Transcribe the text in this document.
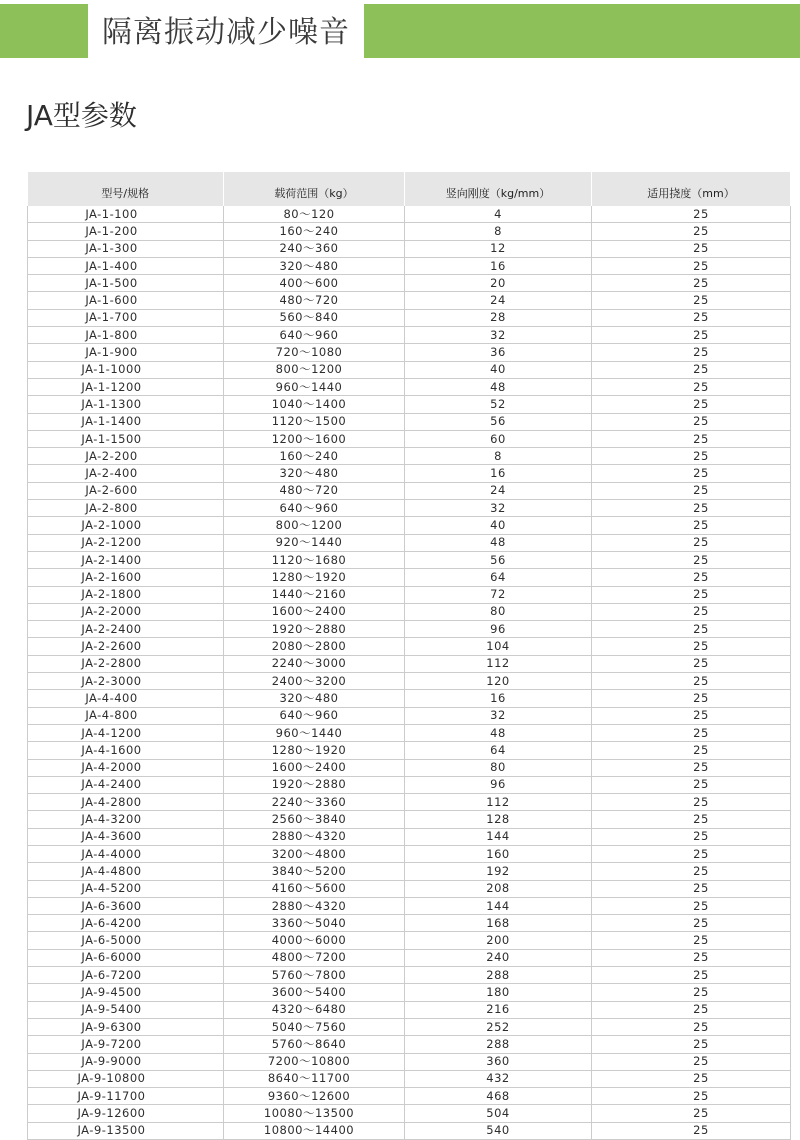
隔离振动减少噪音
JA型参数
型号/规格	载荷范围（kg）	竖向刚度（kg/mm）	适用挠度（mm）
JA-1-100	80～120	4	25
JA-1-200	160～240	8	25
JA-1-300	240～360	12	25
JA-1-400	320～480	16	25
JA-1-500	400～600	20	25
JA-1-600	480～720	24	25
JA-1-700	560～840	28	25
JA-1-800	640～960	32	25
JA-1-900	720～1080	36	25
JA-1-1000	800～1200	40	25
JA-1-1200	960～1440	48	25
JA-1-1300	1040～1400	52	25
JA-1-1400	1120～1500	56	25
JA-1-1500	1200～1600	60	25
JA-2-200	160～240	8	25
JA-2-400	320～480	16	25
JA-2-600	480～720	24	25
JA-2-800	640～960	32	25
JA-2-1000	800～1200	40	25
JA-2-1200	920～1440	48	25
JA-2-1400	1120～1680	56	25
JA-2-1600	1280～1920	64	25
JA-2-1800	1440～2160	72	25
JA-2-2000	1600～2400	80	25
JA-2-2400	1920～2880	96	25
JA-2-2600	2080～2800	104	25
JA-2-2800	2240～3000	112	25
JA-2-3000	2400～3200	120	25
JA-4-400	320～480	16	25
JA-4-800	640～960	32	25
JA-4-1200	960～1440	48	25
JA-4-1600	1280～1920	64	25
JA-4-2000	1600～2400	80	25
JA-4-2400	1920～2880	96	25
JA-4-2800	2240～3360	112	25
JA-4-3200	2560～3840	128	25
JA-4-3600	2880～4320	144	25
JA-4-4000	3200～4800	160	25
JA-4-4800	3840～5200	192	25
JA-4-5200	4160～5600	208	25
JA-6-3600	2880～4320	144	25
JA-6-4200	3360～5040	168	25
JA-6-5000	4000～6000	200	25
JA-6-6000	4800～7200	240	25
JA-6-7200	5760～7800	288	25
JA-9-4500	3600～5400	180	25
JA-9-5400	4320～6480	216	25
JA-9-6300	5040～7560	252	25
JA-9-7200	5760～8640	288	25
JA-9-9000	7200～10800	360	25
JA-9-10800	8640～11700	432	25
JA-9-11700	9360～12600	468	25
JA-9-12600	10080～13500	504	25
JA-9-13500	10800～14400	540	25
